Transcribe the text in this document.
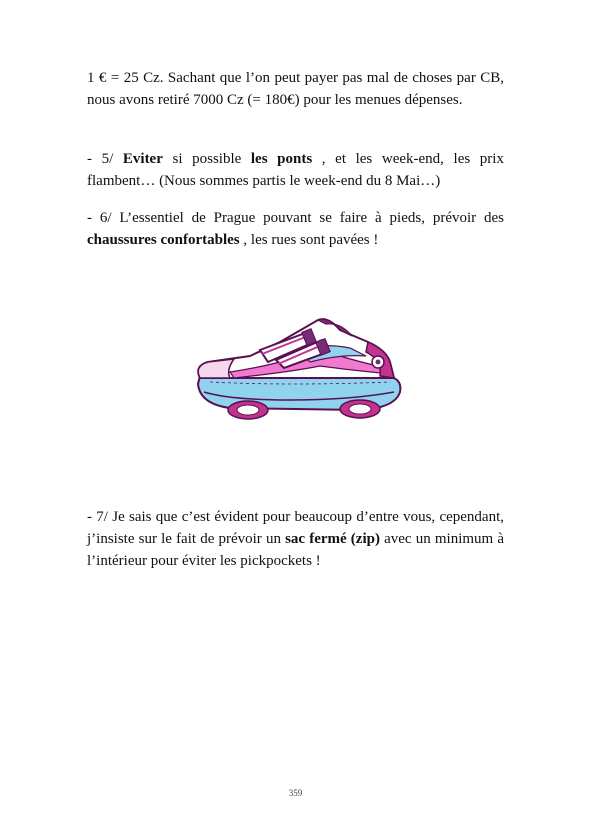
1 € = 25 Cz. Sachant que l’on peut payer pas mal de choses par CB, nous avons retiré 7000 Cz (= 180€) pour les menues dépenses.

- 5/ Eviter si possible les ponts , et les week-end, les prix flambent… (Nous sommes partis le week-end du 8 Mai…)

- 6/ L’essentiel de Prague pouvant se faire à pieds, prévoir des chaussures confortables , les rues sont pavées !

- 7/ Je sais que c’est évident pour beaucoup d’entre vous, cependant, j’insiste sur le fait de prévoir un sac fermé (zip) avec un minimum à l’intérieur pour éviter les pickpockets !

359
